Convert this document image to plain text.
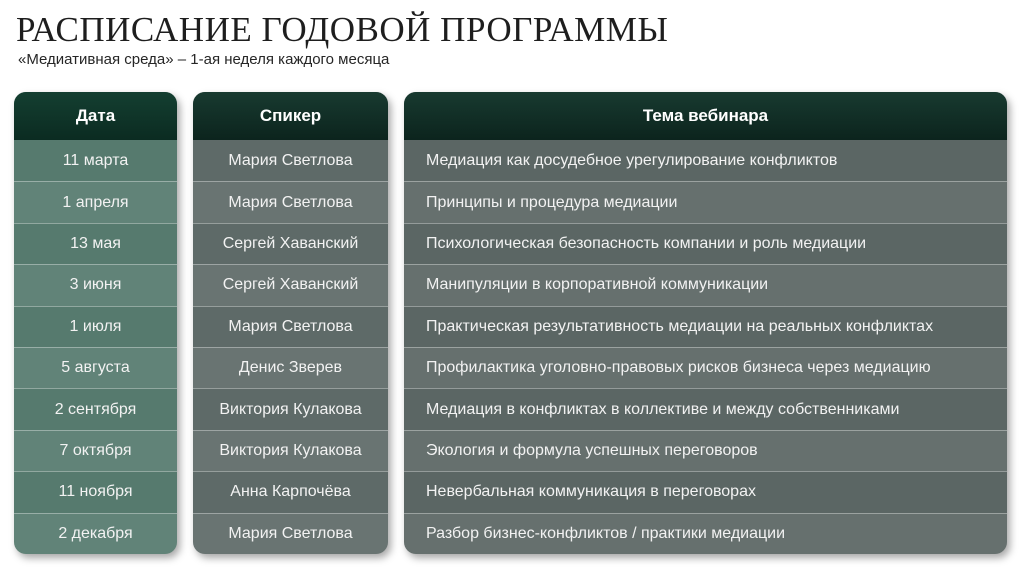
РАСПИСАНИЕ ГОДОВОЙ ПРОГРАММЫ
«Медиативная среда» – 1-ая неделя каждого месяца
Дата
11 марта
1 апреля
13 мая
3 июня
1 июля
5 августа
2 сентября
7 октября
11 ноября
2 декабря
Спикер
Мария Светлова
Мария Светлова
Сергей Хаванский
Сергей Хаванский
Мария Светлова
Денис Зверев
Виктория Кулакова
Виктория Кулакова
Анна Карпочёва
Мария Светлова
Тема вебинара
Медиация как досудебное урегулирование конфликтов
Принципы и процедура медиации
Психологическая безопасность компании и роль медиации
Манипуляции в корпоративной коммуникации
Практическая результативность медиации на реальных конфликтах
Профилактика уголовно-правовых рисков бизнеса через медиацию
Медиация в конфликтах в коллективе и между собственниками
Экология и формула успешных переговоров
Невербальная коммуникация в переговорах
Разбор бизнес-конфликтов / практики медиации
